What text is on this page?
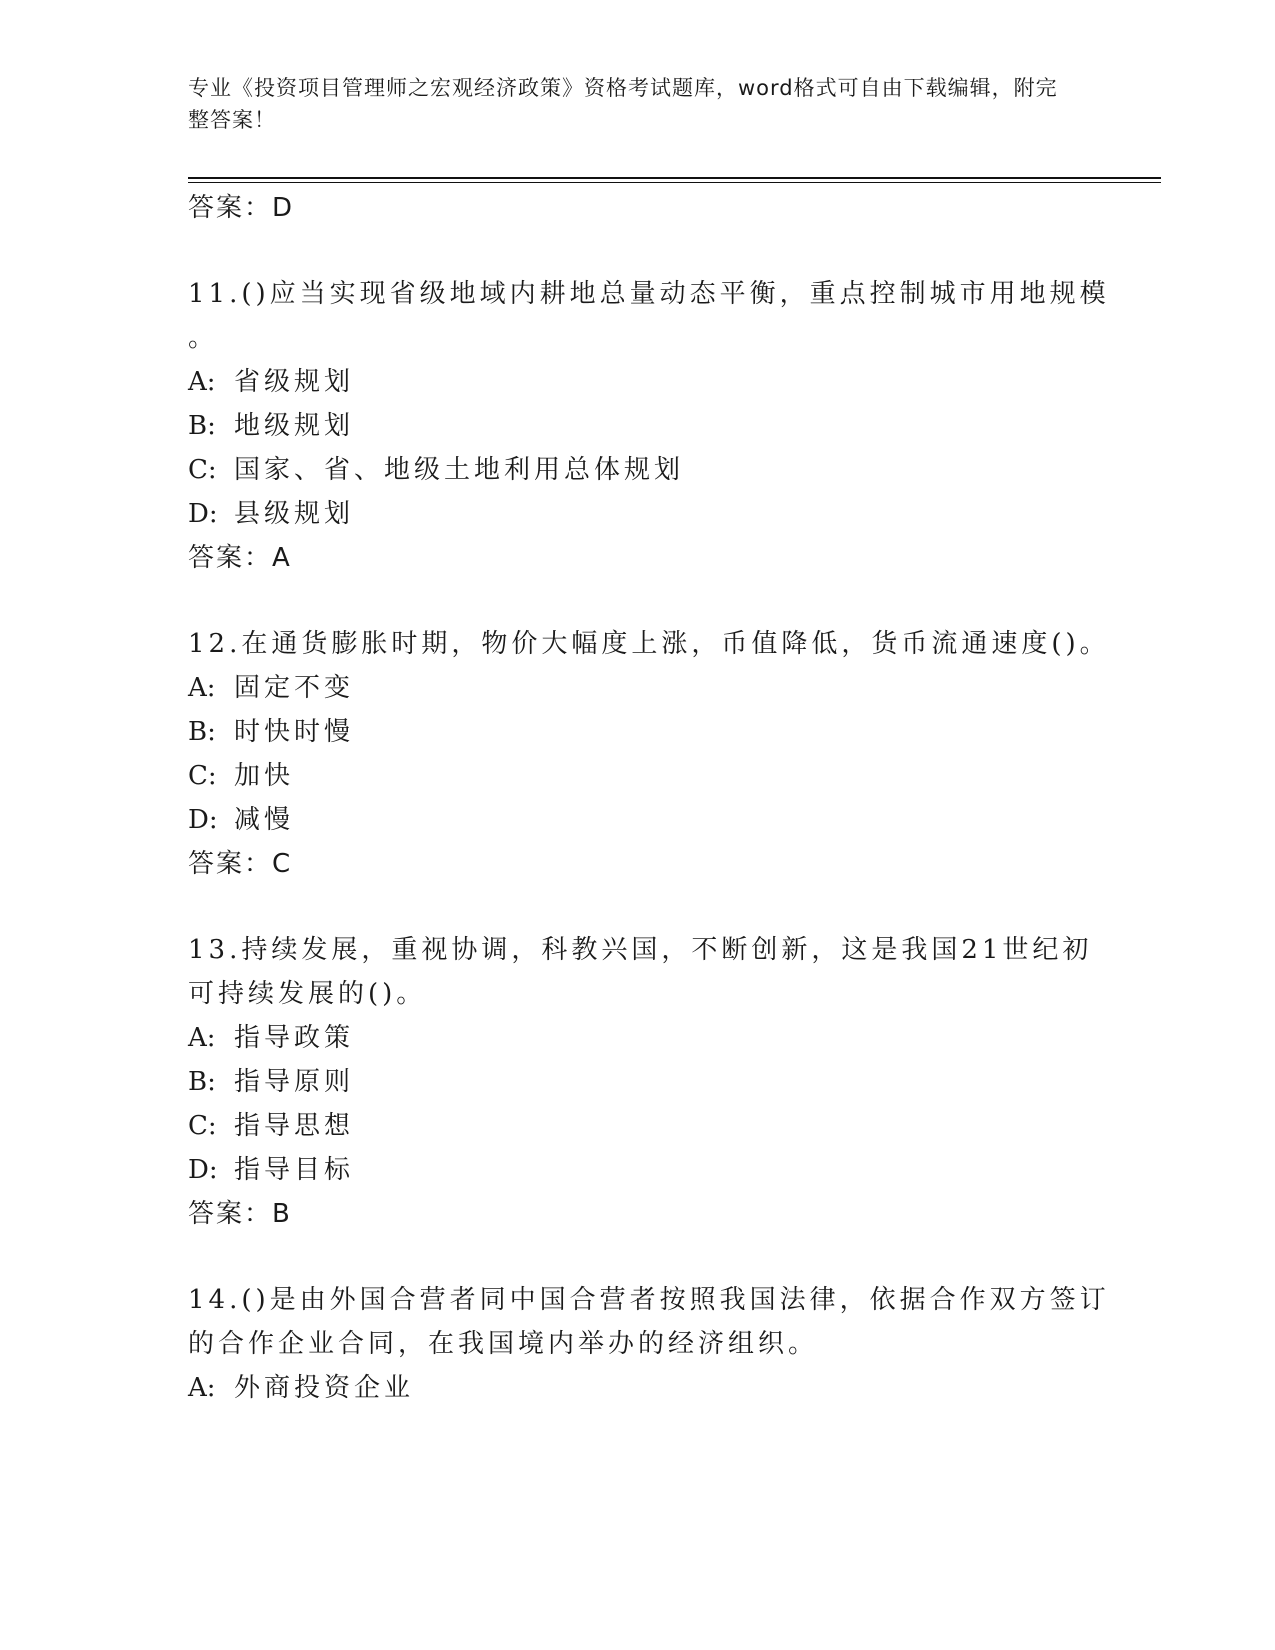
专业《投资项目管理师之宏观经济政策》资格考试题库，word格式可自由下载编辑，附完整答案！
答案：D
11.()应当实现省级地域内耕地总量动态平衡，重点控制城市用地规模
。
A: 省级规划
B: 地级规划
C: 国家、省、地级土地利用总体规划
D: 县级规划
答案：A
12.在通货膨胀时期，物价大幅度上涨，币值降低，货币流通速度()。
A: 固定不变
B: 时快时慢
C: 加快
D: 减慢
答案：C
13.持续发展，重视协调，科教兴国，不断创新，这是我国21世纪初
可持续发展的()。
A: 指导政策
B: 指导原则
C: 指导思想
D: 指导目标
答案：B
14.()是由外国合营者同中国合营者按照我国法律，依据合作双方签订
的合作企业合同，在我国境内举办的经济组织。
A: 外商投资企业
